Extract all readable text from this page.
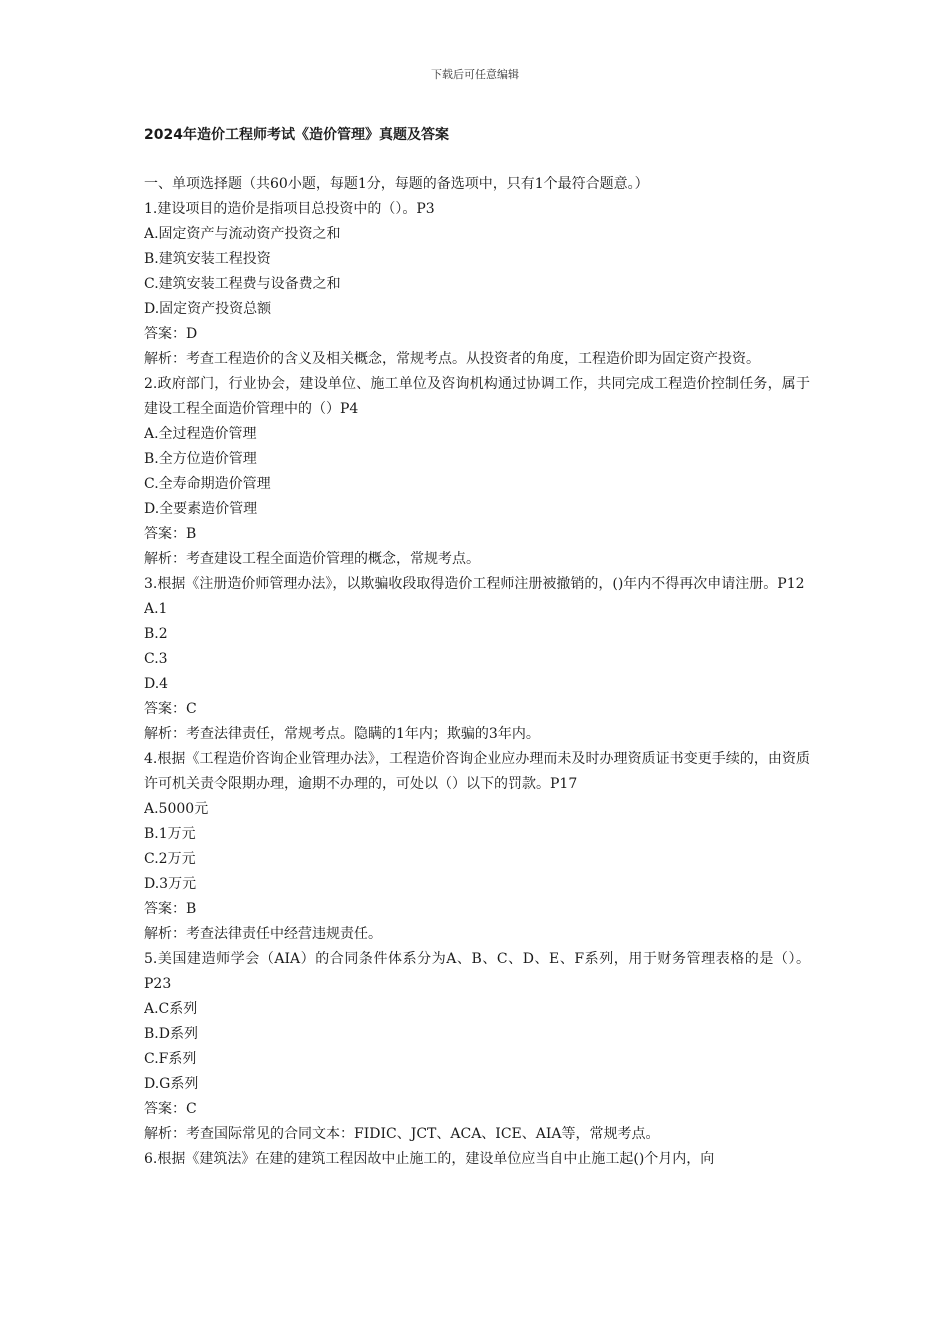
下载后可任意编辑
2024年造价工程师考试《造价管理》真题及答案
一、单项选择题（共60小题，每题1分，每题的备选项中，只有1个最符合题意。）
1.建设项目的造价是指项目总投资中的（）。P3
A.固定资产与流动资产投资之和
B.建筑安装工程投资
C.建筑安装工程费与设备费之和
D.固定资产投资总额
答案：D
解析：考查工程造价的含义及相关概念，常规考点。从投资者的角度，工程造价即为固定资产投资。
2.政府部门，行业协会，建设单位、施工单位及咨询机构通过协调工作，共同完成工程造价控制任务，属于建设工程全面造价管理中的（）P4
A.全过程造价管理
B.全方位造价管理
C.全寿命期造价管理
D.全要素造价管理
答案：B
解析：考查建设工程全面造价管理的概念，常规考点。
3.根据《注册造价师管理办法》，以欺骗收段取得造价工程师注册被撤销的，()年内不得再次申请注册。P12
A.1
B.2
C.3
D.4
答案：C
解析：考查法律责任，常规考点。隐瞒的1年内；欺骗的3年内。
4.根据《工程造价咨询企业管理办法》，工程造价咨询企业应办理而未及时办理资质证书变更手续的，由资质许可机关责令限期办理，逾期不办理的，可处以（）以下的罚款。P17
A.5000元
B.1万元
C.2万元
D.3万元
答案：B
解析：考查法律责任中经营违规责任。
5.美国建造师学会（AIA）的合同条件体系分为A、B、C、D、E、F系列，用于财务管理表格的是（）。P23
A.C系列
B.D系列
C.F系列
D.G系列
答案：C
解析：考查国际常见的合同文本：FIDIC、JCT、ACA、ICE、AIA等，常规考点。
6.根据《建筑法》在建的建筑工程因故中止施工的，建设单位应当自中止施工起()个月内，向
